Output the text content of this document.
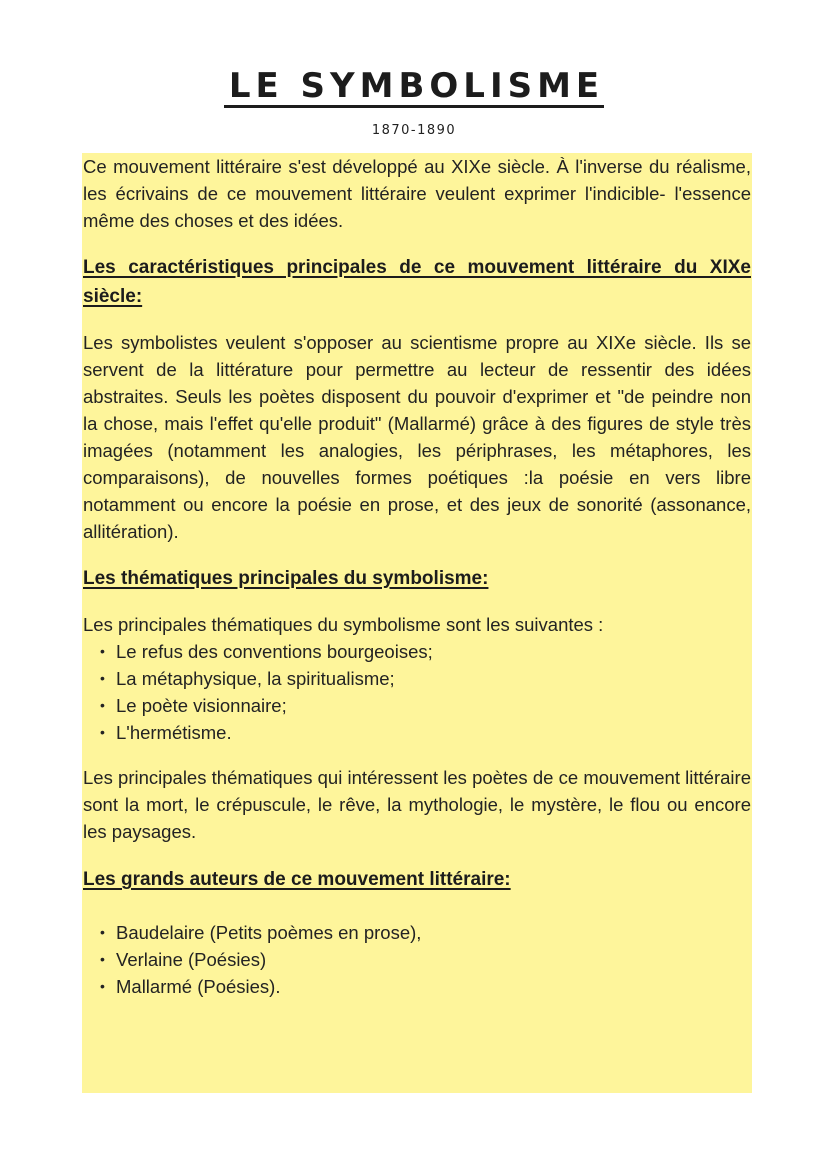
LE SYMBOLISME
1870-1890

Ce mouvement littéraire s'est développé au XIXe siècle. À l'inverse du réalisme, les écrivains de ce mouvement littéraire veulent exprimer l'indicible- l'essence même des choses et des idées.

Les caractéristiques principales de ce mouvement littéraire du XIXe siècle:

Les symbolistes veulent s'opposer au scientisme propre au XIXe siècle. Ils se servent de la littérature pour permettre au lecteur de ressentir des idées abstraites. Seuls les poètes disposent du pouvoir d'exprimer et "de peindre non la chose, mais l'effet qu'elle produit" (Mallarmé) grâce à des figures de style très imagées (notamment les analogies, les périphrases, les métaphores, les comparaisons), de nouvelles formes poétiques :la poésie en vers libre notamment ou encore la poésie en prose, et des jeux de sonorité (assonance, allitération).

Les thématiques principales du symbolisme:

Les principales thématiques du symbolisme sont les suivantes :

• Le refus des conventions bourgeoises;
• La métaphysique, la spiritualisme;
• Le poète visionnaire;
• L'hermétisme.

Les principales thématiques qui intéressent les poètes de ce mouvement littéraire sont la mort, le crépuscule, le rêve, la mythologie, le mystère, le flou ou encore les paysages.

Les grands auteurs de ce mouvement littéraire:
• Baudelaire (Petits poèmes en prose),
• Verlaine (Poésies)
• Mallarmé (Poésies).
